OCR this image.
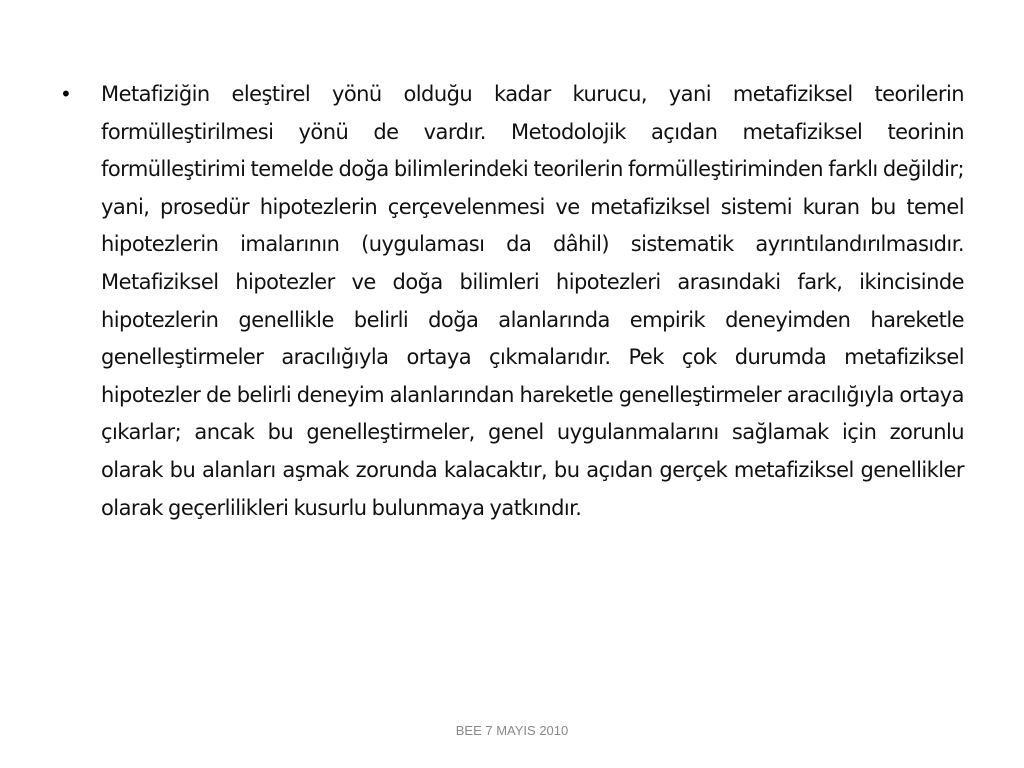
•	Metafiziğin eleştirel yönü olduğu kadar kurucu, yani metafiziksel teorilerin formülleştirilmesi yönü de vardır. Metodolojik açıdan metafiziksel teorinin formülleştirimi temelde doğa bilimlerindeki teorilerin formülleştiriminden farklı değildir; yani, prosedür hipotezlerin çerçevelenmesi ve metafiziksel sistemi kuran bu temel hipotezlerin imalarının (uygulaması da dâhil) sistematik ayrıntılandırılmasıdır. Metafiziksel hipotezler ve doğa bilimleri hipotezleri arasındaki fark, ikincisinde hipotezlerin genellikle belirli doğa alanlarında empirik deneyimden hareketle genelleştirmeler aracılığıyla ortaya çıkmalarıdır. Pek çok durumda metafiziksel hipotezler de belirli deneyim alanlarından hareketle genelleştirmeler aracılığıyla ortaya çıkarlar; ancak bu genelleştirmeler, genel uygulanmalarını sağlamak için zorunlu olarak bu alanları aşmak zorunda kalacaktır, bu açıdan gerçek metafiziksel genellikler olarak geçerlilikleri kusurlu bulunmaya yatkındır.

BEE 7 MAYIS 2010
